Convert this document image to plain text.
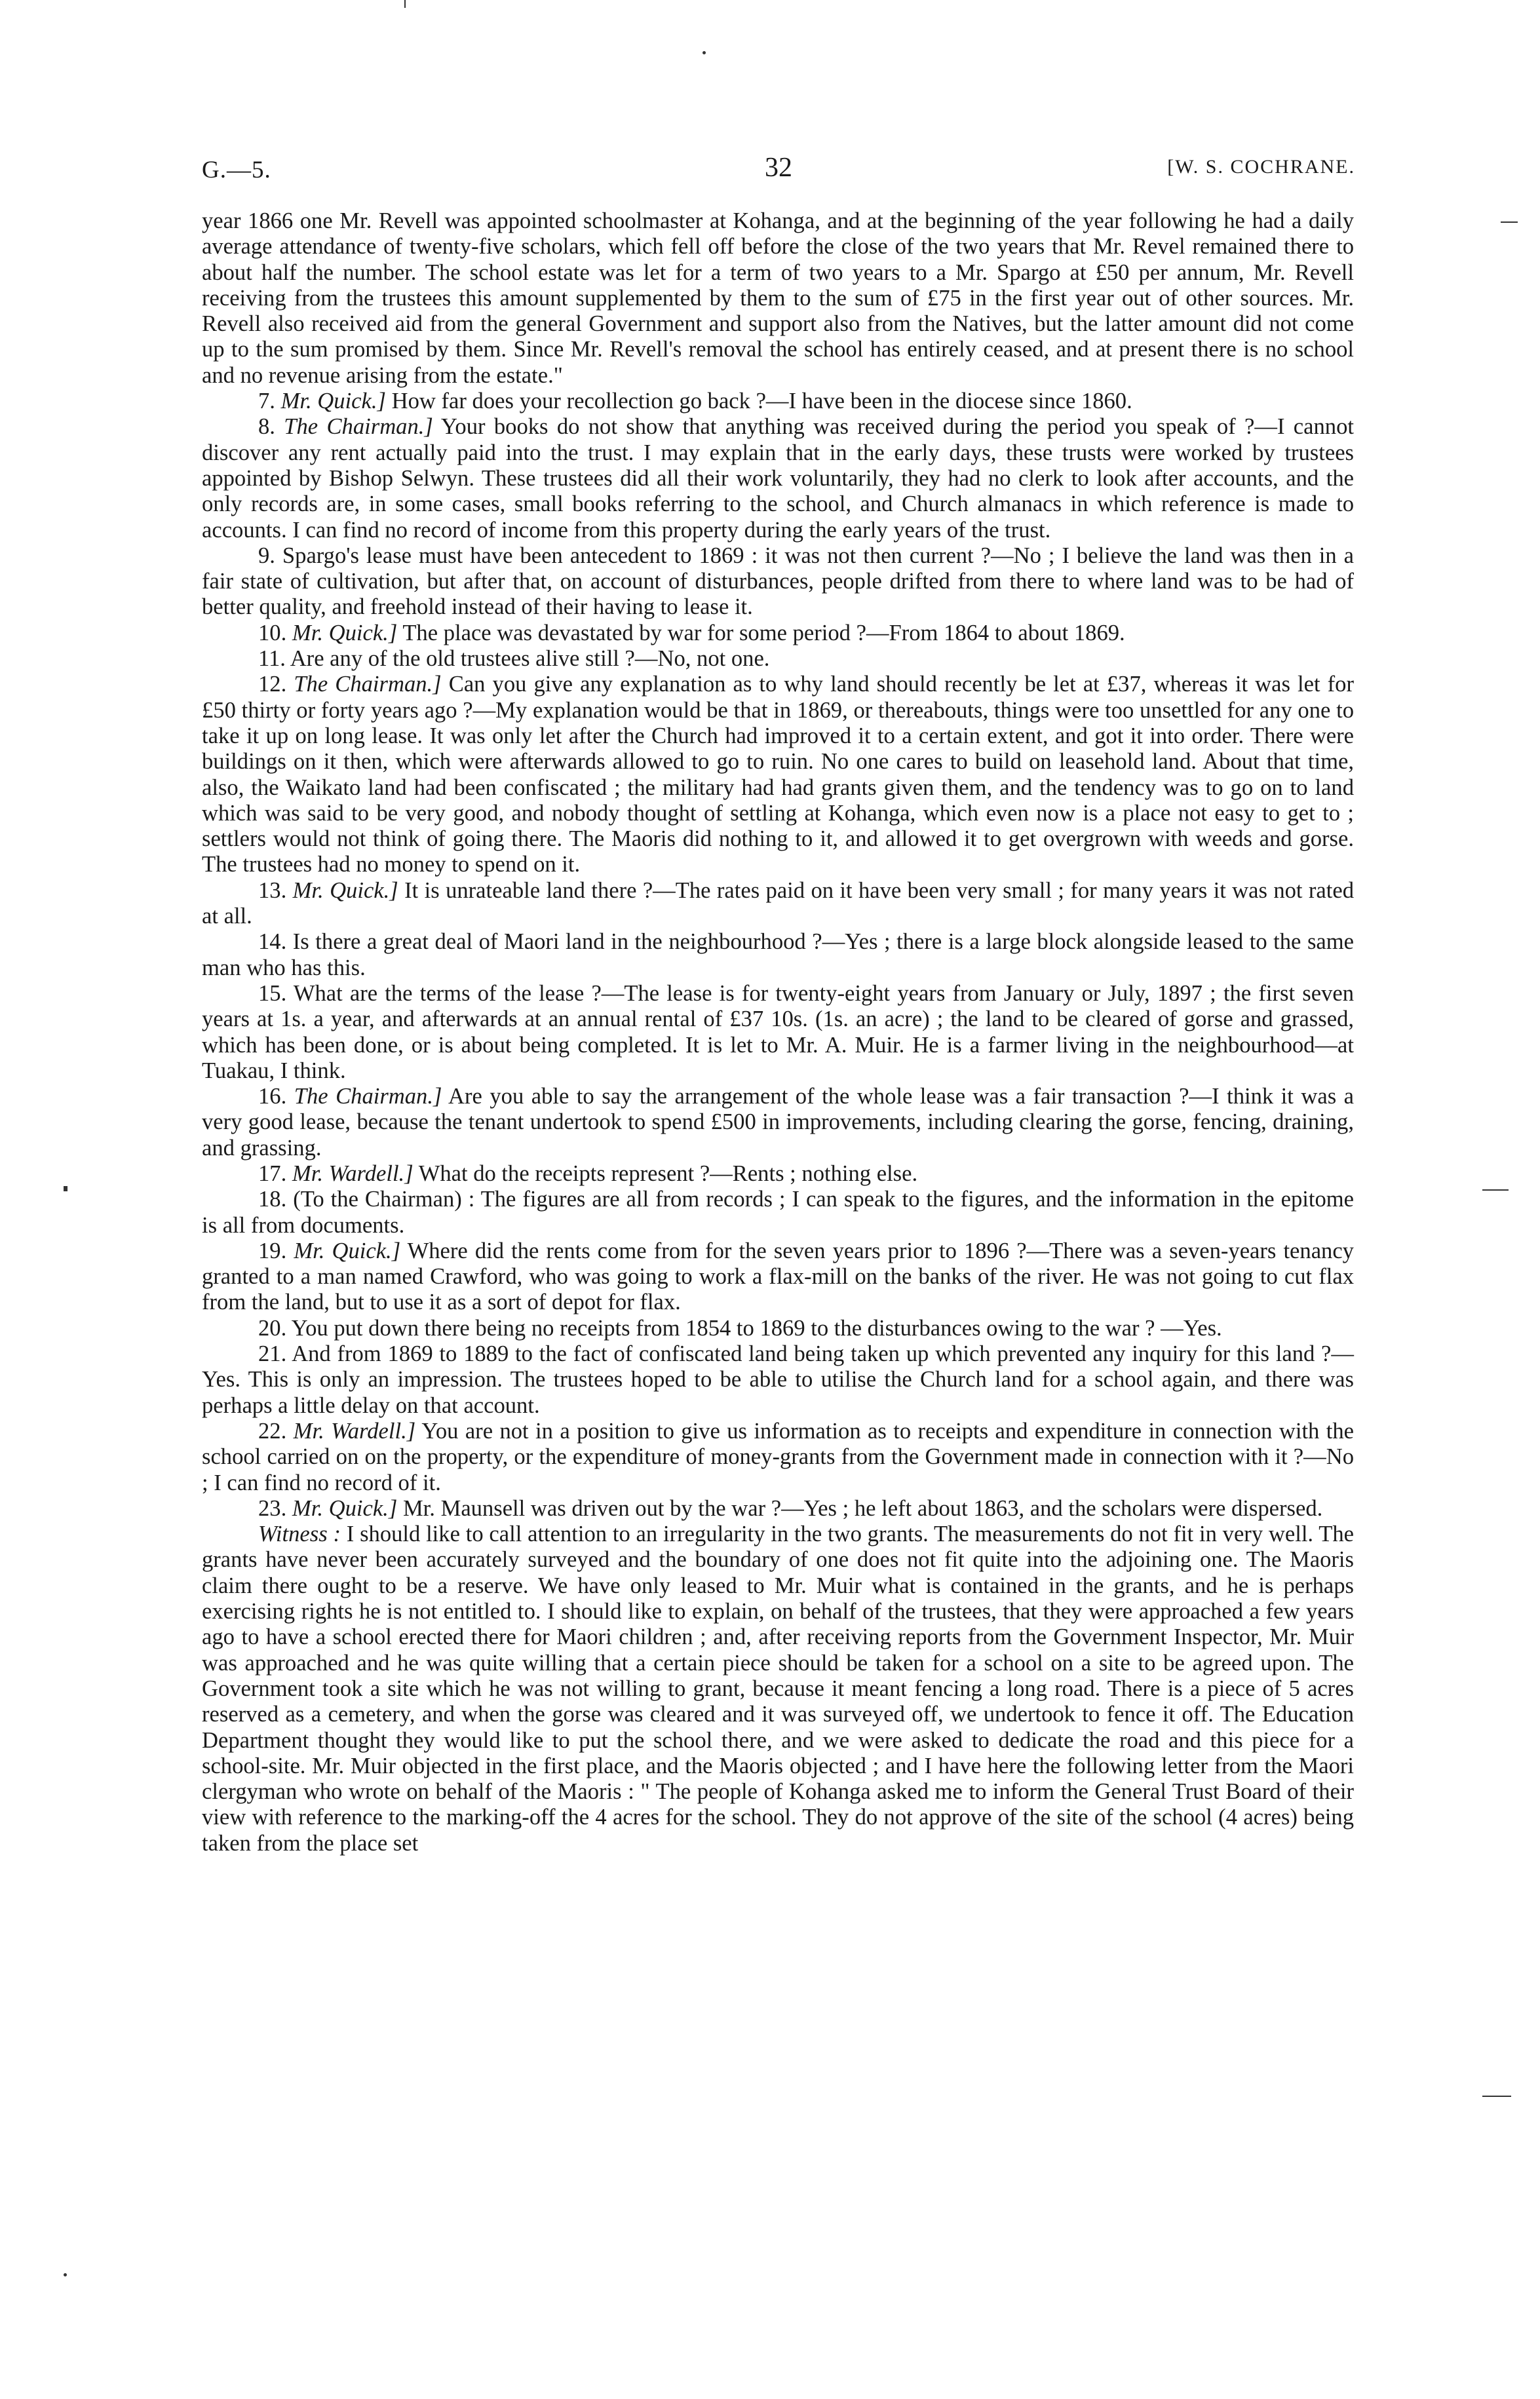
G.—5.	32	[W. S. COCHRANE.

year 1866 one Mr. Revell was appointed schoolmaster at Kohanga, and at the beginning of the year following he had a daily average attendance of twenty-five scholars, which fell off before the close of the two years that Mr. Revel remained there to about half the number. The school estate was let for a term of two years to a Mr. Spargo at £50 per annum, Mr. Revell receiving from the trustees this amount supplemented by them to the sum of £75 in the first year out of other sources. Mr. Revell also received aid from the general Government and support also from the Natives, but the latter amount did not come up to the sum promised by them. Since Mr. Revell's removal the school has entirely ceased, and at present there is no school and no revenue arising from the estate."

7. Mr. Quick.] How far does your recollection go back ?—I have been in the diocese since 1860.

8. The Chairman.] Your books do not show that anything was received during the period you speak of ?—I cannot discover any rent actually paid into the trust. I may explain that in the early days, these trusts were worked by trustees appointed by Bishop Selwyn. These trustees did all their work voluntarily, they had no clerk to look after accounts, and the only records are, in some cases, small books referring to the school, and Church almanacs in which reference is made to accounts. I can find no record of income from this property during the early years of the trust.

9. Spargo's lease must have been antecedent to 1869 : it was not then current ?—No ; I believe the land was then in a fair state of cultivation, but after that, on account of disturbances, people drifted from there to where land was to be had of better quality, and freehold instead of their having to lease it.

10. Mr. Quick.] The place was devastated by war for some period ?—From 1864 to about 1869.

11. Are any of the old trustees alive still ?—No, not one.

12. The Chairman.] Can you give any explanation as to why land should recently be let at £37, whereas it was let for £50 thirty or forty years ago ?—My explanation would be that in 1869, or thereabouts, things were too unsettled for any one to take it up on long lease. It was only let after the Church had improved it to a certain extent, and got it into order. There were buildings on it then, which were afterwards allowed to go to ruin. No one cares to build on leasehold land. About that time, also, the Waikato land had been confiscated ; the military had had grants given them, and the tendency was to go on to land which was said to be very good, and nobody thought of settling at Kohanga, which even now is a place not easy to get to ; settlers would not think of going there. The Maoris did nothing to it, and allowed it to get overgrown with weeds and gorse. The trustees had no money to spend on it.

13. Mr. Quick.] It is unrateable land there ?—The rates paid on it have been very small ; for many years it was not rated at all.

14. Is there a great deal of Maori land in the neighbourhood ?—Yes ; there is a large block alongside leased to the same man who has this.

15. What are the terms of the lease ?—The lease is for twenty-eight years from January or July, 1897 ; the first seven years at 1s. a year, and afterwards at an annual rental of £37 10s. (1s. an acre) ; the land to be cleared of gorse and grassed, which has been done, or is about being completed. It is let to Mr. A. Muir. He is a farmer living in the neighbourhood—at Tuakau, I think.

16. The Chairman.] Are you able to say the arrangement of the whole lease was a fair transaction ?—I think it was a very good lease, because the tenant undertook to spend £500 in improvements, including clearing the gorse, fencing, draining, and grassing.

17. Mr. Wardell.] What do the receipts represent ?—Rents ; nothing else.

18. (To the Chairman) : The figures are all from records ; I can speak to the figures, and the information in the epitome is all from documents.

19. Mr. Quick.] Where did the rents come from for the seven years prior to 1896 ?—There was a seven-years tenancy granted to a man named Crawford, who was going to work a flax-mill on the banks of the river. He was not going to cut flax from the land, but to use it as a sort of depot for flax.

20. You put down there being no receipts from 1854 to 1869 to the disturbances owing to the war ? —Yes.

21. And from 1869 to 1889 to the fact of confiscated land being taken up which prevented any inquiry for this land ?—Yes. This is only an impression. The trustees hoped to be able to utilise the Church land for a school again, and there was perhaps a little delay on that account.

22. Mr. Wardell.] You are not in a position to give us information as to receipts and expenditure in connection with the school carried on on the property, or the expenditure of money-grants from the Government made in connection with it ?—No ; I can find no record of it.

23. Mr. Quick.] Mr. Maunsell was driven out by the war ?—Yes ; he left about 1863, and the scholars were dispersed.

Witness : I should like to call attention to an irregularity in the two grants. The measurements do not fit in very well. The grants have never been accurately surveyed and the boundary of one does not fit quite into the adjoining one. The Maoris claim there ought to be a reserve. We have only leased to Mr. Muir what is contained in the grants, and he is perhaps exercising rights he is not entitled to. I should like to explain, on behalf of the trustees, that they were approached a few years ago to have a school erected there for Maori children ; and, after receiving reports from the Government Inspector, Mr. Muir was approached and he was quite willing that a certain piece should be taken for a school on a site to be agreed upon. The Government took a site which he was not willing to grant, because it meant fencing a long road. There is a piece of 5 acres reserved as a cemetery, and when the gorse was cleared and it was surveyed off, we undertook to fence it off. The Education Department thought they would like to put the school there, and we were asked to dedicate the road and this piece for a school-site. Mr. Muir objected in the first place, and the Maoris objected ; and I have here the following letter from the Maori clergyman who wrote on behalf of the Maoris : " The people of Kohanga asked me to inform the General Trust Board of their view with reference to the marking-off the 4 acres for the school. They do not approve of the site of the school (4 acres) being taken from the place set
